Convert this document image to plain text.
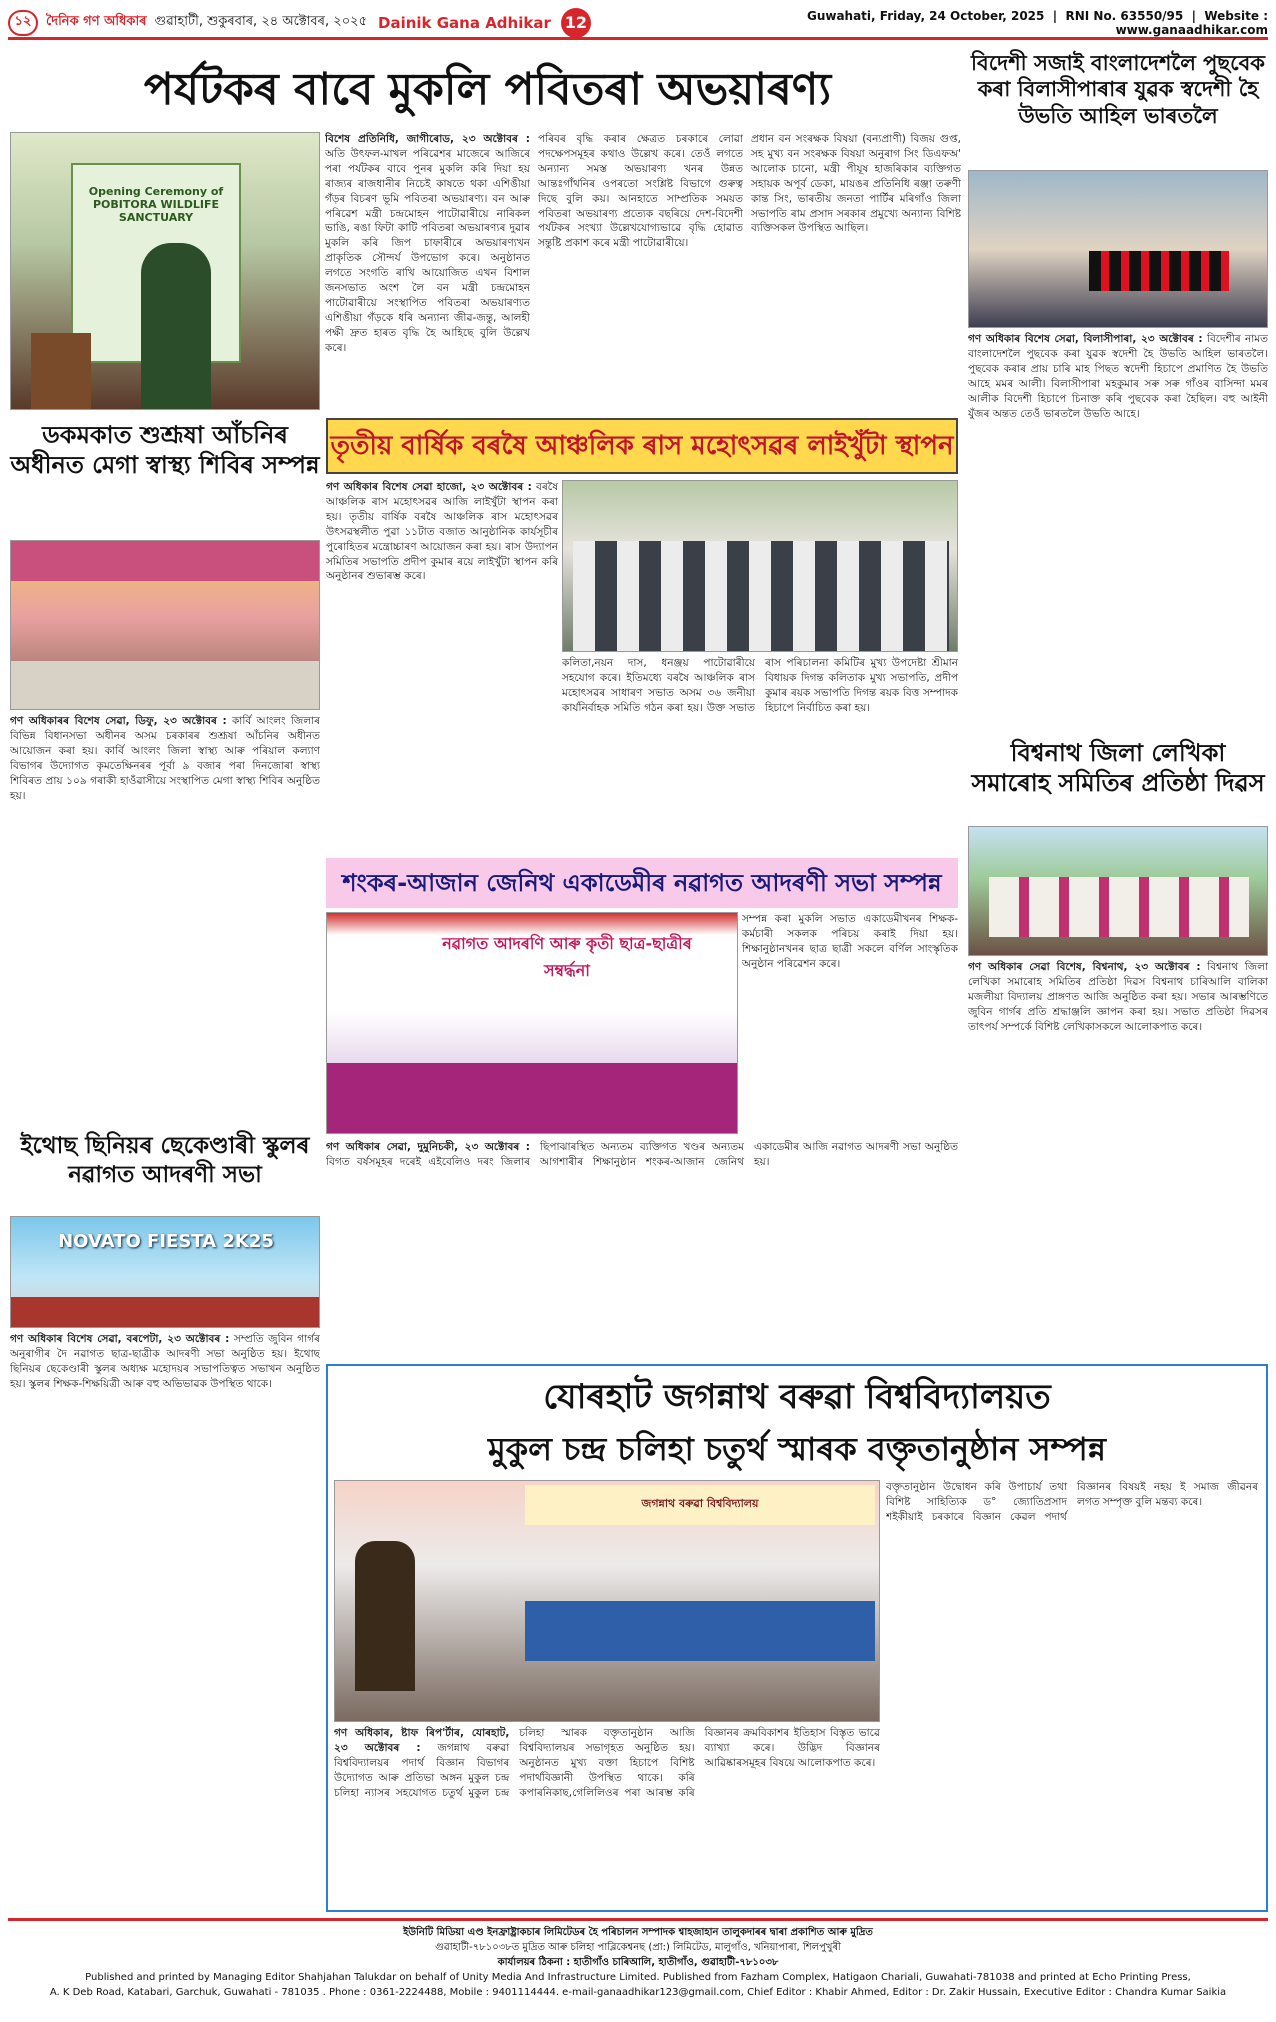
১২	দৈনিক গণ অধিকাৰ গুৱাহাটী, শুকুৰবাৰ, ২৪ অক্টোবৰ, ২০২৫ Dainik Gana Adhikar 12	Guwahati, Friday, 24 October, 2025  |  RNI No. 63550/95  |  Website : www.ganaadhikar.com
পৰ্যটকৰ বাবে মুকলি পবিতৰা অভয়াৰণ্য
Opening Ceremony of POBITORA WILDLIFE SANCTUARY
বিশেষ প্ৰতিনিধি, জাগীৰোড, ২৩ অক্টোবৰ : অতি উৎফল-মাখল পৰিৱেশৰ মাজেৰে আজিৰে পৰা পৰ্যটকৰ বাবে পুনৰ মুকলি কৰি দিয়া হয় ৰাজ্যৰ ৰাজধানীৰ নিচেই কাষতে থকা এশিঙীয়া গঁড়ৰ বিচৰণ ভূমি পবিতৰা অভয়াৰণ্য। বন আৰু পৰিৱেশ মন্ত্ৰী চন্দ্ৰমোহন পাটোৱাৰীয়ে নাৰিকল ভাঙি, ৰঙা ফিটা কাটি পবিতৰা অভয়াৰণ্যৰ দুৱাৰ মুকলি কৰি জিপ চাফাৰীৰে অভয়াৰণ্যখন প্ৰাকৃতিক সৌন্দৰ্য উপভোগ কৰে। অনুষ্ঠানত লগতে সংগতি ৰাখি আয়োজিত এখন বিশাল জনসভাত অংশ লৈ বন মন্ত্ৰী চন্দ্ৰমোহন পাটোৱাৰীয়ে সংস্থাপিত পবিতৰা অভয়াৰণ্যত এশিঙীয়া গঁড়কে ধৰি অন্যান্য জীৱ-জন্তু, আলহী পক্ষী দ্ৰুত হাৰত বৃদ্ধি হৈ আহিছে বুলি উল্লেখ কৰে।
পৰিবৰ বৃদ্ধি কৰাৰ ক্ষেত্ৰত চৰকাৰে লোৱা পদক্ষেপসমূহৰ কথাও উল্লেখ কৰে। তেওঁ লগতে অন্যান্য সমস্ত অভয়াৰণ্য খনৰ উন্নত আন্তঃগাঁথনিৰ ওপৰতো সংশ্লিষ্ট বিভাগে গুৰুত্ব দিছে বুলি কয়। আনহাতে সাম্প্ৰতিক সময়ত পবিতৰা অভয়াৰণ্য প্ৰত্যেক বছৰিয়ে দেশ-বিদেশী পৰ্যটকৰ সংখ্যা উল্লেখযোগ্যভাৱে বৃদ্ধি হোৱাত সন্তুষ্টি প্ৰকাশ কৰে মন্ত্ৰী পাটোৱাৰীয়ে।
প্ৰধান বন সংৰক্ষক বিষয়া (বন্যপ্ৰাণী) বিজয় গুপ্ত, সহ মুখ্য বন সংৰক্ষক বিষয়া অনুৰাগ সিং ডিএফঅ' আলোক চানো, মন্ত্ৰী পীযূষ হাজৰিকাৰ ব্যক্তিগত সহায়ক অপূৰ্ব ডেকা, মায়ঙৰ প্ৰতিনিধি ৰঞ্জা তৰুণী কান্ত সিং, ভাৰতীয় জনতা পাৰ্টিৰ মৰিগাঁও জিলা সভাপতি ৰাম প্ৰসাদ সৰকাৰ প্ৰমুখ্যে অন্যান্য বিশিষ্ট ব্যক্তিসকল উপস্থিত আছিল।
ডকমকাত শুশ্ৰূষা আঁচনিৰ অধীনত মেগা স্বাস্থ্য শিবিৰ সম্পন্ন
গণ অধিকাৰৰ বিশেষ সেৱা, ডিফু, ২৩ অক্টোবৰ : কাৰ্বি আংলং জিলাৰ বিভিন্ন বিধানসভা অধীনৰ অসম চৰকাৰৰ শুশ্ৰূষা আঁচনিৰ অধীনত আয়োজন কৰা হয়। কাৰ্বি আংলং জিলা স্বাস্থ্য আৰু পৰিয়াল কল্যাণ বিভাগৰ উদ্যোগত কৃমতেক্ষিনৰৰ পূৰ্বা ৯ বজাৰ পৰা দিনজোৰা স্বাস্থ্য শিবিৰত প্ৰায় ১০৯ গৰাকী হাওঁৱাসীয়ে সংস্থাপিত মেগা স্বাস্থ্য শিবিৰ অনুষ্ঠিত হয়।
ইথোছ ছিনিয়ৰ ছেকেণ্ডাৰী স্কুলৰ নৱাগত আদৰণী সভা
NOVATO FIESTA 2K25
গণ অধিকাৰ বিশেষ সেৱা, বৰপেটা, ২৩ অক্টোবৰ : সম্প্ৰতি জুবিন গাৰ্গৰ অনুৰাগীৰ দৈ নৱাগত ছাত্ৰ-ছাত্ৰীক আদৰণী সভা অনুষ্ঠিত হয়। ইথোছ ছিনিয়ৰ ছেকেণ্ডাৰী স্কুলৰ অধ্যক্ষ মহোদয়ৰ সভাপতিত্বত সভাখন অনুষ্ঠিত হয়। স্কুলৰ শিক্ষক-শিক্ষয়িত্ৰী আৰু বহু অভিভাৱক উপস্থিত থাকে।
তৃতীয় বাৰ্ষিক বৰষৈ আঞ্চলিক ৰাস মহোৎসৱৰ লাইখুঁটা স্থাপন
গণ অধিকাৰ বিশেষ সেৱা হাজো, ২৩ অক্টোবৰ : বৰষৈ আঞ্চলিক ৰাস মহোৎসৱৰ আজি লাইখুঁটা স্থাপন কৰা হয়। তৃতীয় বাৰ্ষিক বৰষৈ আঞ্চলিক ৰাস মহোৎসৱৰ উৎসৱস্থলীত পুৱা ১১টাত বজাত আনুষ্ঠানিক কাৰ্যসূচীৰ পুৰোহিতৰ মন্ত্ৰোচ্চাৰণ আয়োজন কৰা হয়। ৰাস উদ্যাপন সমিতিৰ সভাপতি প্ৰদীপ কুমাৰ ৰয়ে লাইখুঁটা স্থাপন কৰি অনুষ্ঠানৰ শুভাৰম্ভ কৰে।
কলিতা,নয়ন দাস, ধনঞ্জয় পাটোৱাৰীয়ে সহযোগ কৰে। ইতিমধ্যে বৰষৈ আঞ্চলিক ৰাস মহোৎসৱৰ সাধাৰণ সভাত অসম ৩৬ জনীয়া কাৰ্যনিৰ্বাহক সমিতি গঠন কৰা হয়। উক্ত সভাত ৰাস পৰিচালনা কমিটিৰ মুখ্য উপদেষ্টা শ্ৰীমান বিধায়ক দিগন্ত কলিতাক মুখ্য সভাপতি, প্ৰদীপ কুমাৰ ৰয়ক সভাপতি দিগন্ত ৰয়ক বিত্ত সম্পাদক হিচাপে নিৰ্বাচিত কৰা হয়।
শংকৰ-আজান জেনিথ একাডেমীৰ নৱাগত আদৰণী সভা সম্পন্ন
নৱাগত আদৰণি আৰু কৃতী ছাত্ৰ-ছাত্ৰীৰ সম্বৰ্দ্ধনা
সম্পন্ন কৰা মুকলি সভাত একাডেমীখনৰ শিক্ষক-কৰ্মচাৰী সকলক পৰিচয় কৰাই দিয়া হয়। শিক্ষানুষ্ঠানখনৰ ছাত্ৰ ছাত্ৰী সকলে বৰ্ণিল সাংস্কৃতিক অনুষ্ঠান পৰিৱেশন কৰে।
গণ অধিকাৰ সেৱা, দুমুনিচকী, ২৩ অক্টোবৰ : বিগত বৰ্ষসমূহৰ দৰেই এইবেলিও দৰং জিলাৰ ছিপাঝাৰস্থিত অন্যতম ব্যক্তিগত খণ্ডৰ অন্যতম আগশাৰীৰ শিক্ষানুষ্ঠান শংকৰ-আজান জেনিথ একাডেমীৰ আজি নৱাগত আদৰণী সভা অনুষ্ঠিত হয়।
বিদেশী সজাই বাংলাদেশলৈ পুছবেক কৰা বিলাসীপাৰাৰ যুৱক স্বদেশী হৈ উভতি আহিল ভাৰতলৈ
গণ অধিকাৰ বিশেষ সেৱা, বিলাসীপাৰা, ২৩ অক্টোবৰ : বিদেশীৰ নামত বাংলাদেশলৈ পুছবেক কৰা যুৱক স্বদেশী হৈ উভতি আহিল ভাৰতলৈ। পুছবেক কৰাৰ প্ৰায় চাৰি মাহ পিছত স্বদেশী হিচাপে প্ৰমাণিত হৈ উভতি আহে মমৰ আলী। বিলাসীপাৰা মহকুমাৰ সৰু সৰু গাঁওৰ বাসিন্দা মমৰ আলীক বিদেশী হিচাপে চিনাক্ত কৰি পুছবেক কৰা হৈছিল। বহু আইনী যুঁজৰ অন্তত তেওঁ ভাৰতলৈ উভতি আহে।
বিশ্বনাথ জিলা লেখিকা সমাৰোহ সমিতিৰ প্ৰতিষ্ঠা দিৱস
গণ অধিকাৰ সেৱা বিশেষ, বিশ্বনাথ, ২৩ অক্টোবৰ : বিশ্বনাথ জিলা লেখিকা সমাৰোহ সমিতিৰ প্ৰতিষ্ঠা দিৱস বিশ্বনাথ চাৰিআলি বালিকা মজলীয়া বিদ্যালয় প্ৰাঙ্গণত আজি অনুষ্ঠিত কৰা হয়। সভাৰ আৰম্ভণিতে জুবিন গাৰ্গৰ প্ৰতি শ্ৰদ্ধাঞ্জলি জ্ঞাপন কৰা হয়। সভাত প্ৰতিষ্ঠা দিৱসৰ তাৎপৰ্য সম্পৰ্কে বিশিষ্ট লেখিকাসকলে আলোকপাত কৰে।
যোৰহাট জগন্নাথ বৰুৱা বিশ্ববিদ্যালয়ত
মুকুল চন্দ্ৰ চলিহা চতুৰ্থ স্মাৰক বক্তৃতানুষ্ঠান সম্পন্ন
জগন্নাথ বৰুৱা বিশ্ববিদ্যালয়
বক্তৃতানুষ্ঠান উদ্বোধন কৰি উপাচাৰ্য তথা বিশিষ্ট সাহিত্যিক ড° জ্যোতিপ্ৰসাদ শইকীয়াই চৰকাৰে বিজ্ঞান কেৱল পদাৰ্থ বিজ্ঞানৰ বিষয়ই নহয় ই সমাজ জীৱনৰ লগত সম্পৃক্ত বুলি মন্তব্য কৰে।
গণ অধিকাৰ, ষ্টাফ ৰিপ'ৰ্টাৰ, যোৰহাট, ২৩ অক্টোবৰ : জগন্নাথ বৰুৱা বিশ্ববিদ্যালয়ৰ পদাৰ্থ বিজ্ঞান বিভাগৰ উদ্যোগত আৰু প্ৰতিভা অঙ্গন মুকুল চন্দ্ৰ চলিহা ন্যাসৰ সহযোগত চতুৰ্থ মুকুল চন্দ্ৰ চলিহা স্মাৰক বক্তৃতানুষ্ঠান আজি বিশ্ববিদ্যালয়ৰ সভাগৃহত অনুষ্ঠিত হয়। অনুষ্ঠানত মুখ্য বক্তা হিচাপে বিশিষ্ট পদাৰ্থবিজ্ঞানী উপস্থিত থাকে। কৰি কপাৰনিকাছ,গেলিলিওৰ পৰা আৰম্ভ কৰি বিজ্ঞানৰ ক্ৰমবিকাশৰ ইতিহাস বিস্তৃত ভাৱে ব্যাখ্যা কৰে। উদ্ভিদ বিজ্ঞানৰ আৱিষ্কাৰসমূহৰ বিষয়ে আলোকপাত কৰে।
ইউনিটি মিডিয়া এণ্ড ইনফ্ৰাষ্ট্ৰাকচাৰ লিমিটেডৰ হৈ পৰিচালন সম্পাদক শ্বাহজাহান তালুকদাৰৰ দ্বাৰা প্ৰকাশিত আৰু মুদ্ৰিত
গুৱাহাটী-৭৮১০৩৮ত মুদ্ৰিত আৰু চলিহা পাব্লিকেশ্বনছ (প্ৰা:) লিমিটেড, মালুগাঁও, খনিয়াপাৰা, শিলপুখুৰী
কাৰ্যালয়ৰ ঠিকনা : হাতীগাঁও চাৰিআলি, হাতীগাঁও, গুৱাহাটী-৭৮১০৩৮
Published and printed by Managing Editor Shahjahan Talukdar on behalf of Unity Media And Infrastructure Limited. Published from Fazham Complex, Hatigaon Chariali, Guwahati-781038 and printed at Echo Printing Press,
A. K Deb Road, Katabari, Garchuk, Guwahati - 781035 . Phone : 0361-2224488, Mobile : 9401114444. e-mail-ganaadhikar123@gmail.com, Chief Editor : Khabir Ahmed, Editor : Dr. Zakir Hussain, Executive Editor : Chandra Kumar Saikia
